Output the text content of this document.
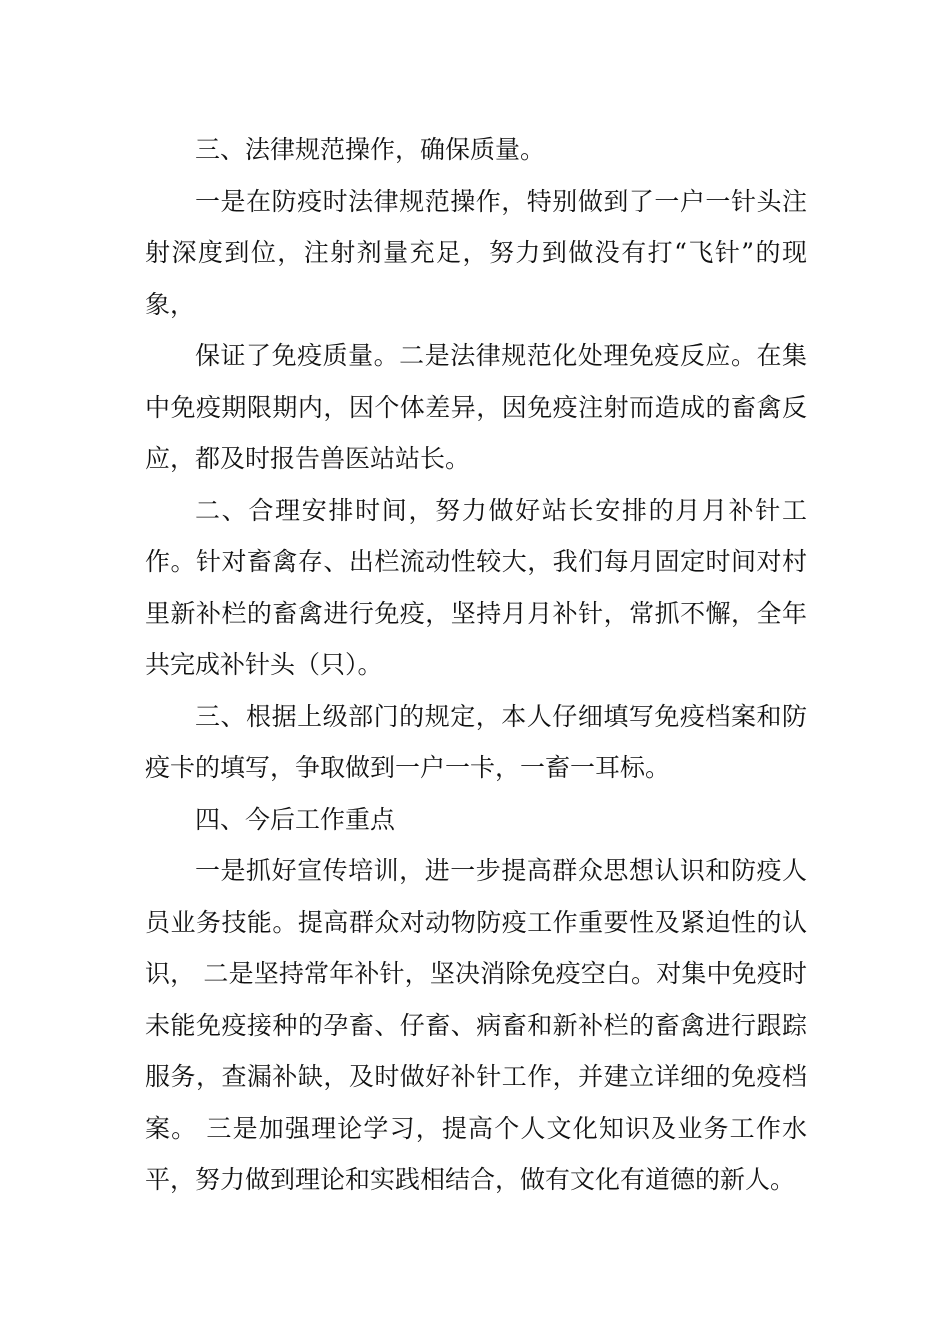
三、法律规范操作，确保质量。

一是在防疫时法律规范操作，特别做到了一户一针头注射深度到位，注射剂量充足，努力到做没有打“飞针”的现象，

保证了免疫质量。二是法律规范化处理免疫反应。在集中免疫期限期内，因个体差异，因免疫注射而造成的畜禽反应，都及时报告兽医站站长。

二、合理安排时间，努力做好站长安排的月月补针工作。针对畜禽存、出栏流动性较大，我们每月固定时间对村里新补栏的畜禽进行免疫，坚持月月补针，常抓不懈，全年共完成补针头（只）。

三、根据上级部门的规定，本人仔细填写免疫档案和防疫卡的填写，争取做到一户一卡，一畜一耳标。

四、今后工作重点

一是抓好宣传培训，进一步提高群众思想认识和防疫人员业务技能。提高群众对动物防疫工作重要性及紧迫性的认识， 二是坚持常年补针，坚决消除免疫空白。对集中免疫时未能免疫接种的孕畜、仔畜、病畜和新补栏的畜禽进行跟踪服务，查漏补缺，及时做好补针工作，并建立详细的免疫档案。 三是加强理论学习，提高个人文化知识及业务工作水平，努力做到理论和实践相结合，做有文化有道德的新人。
